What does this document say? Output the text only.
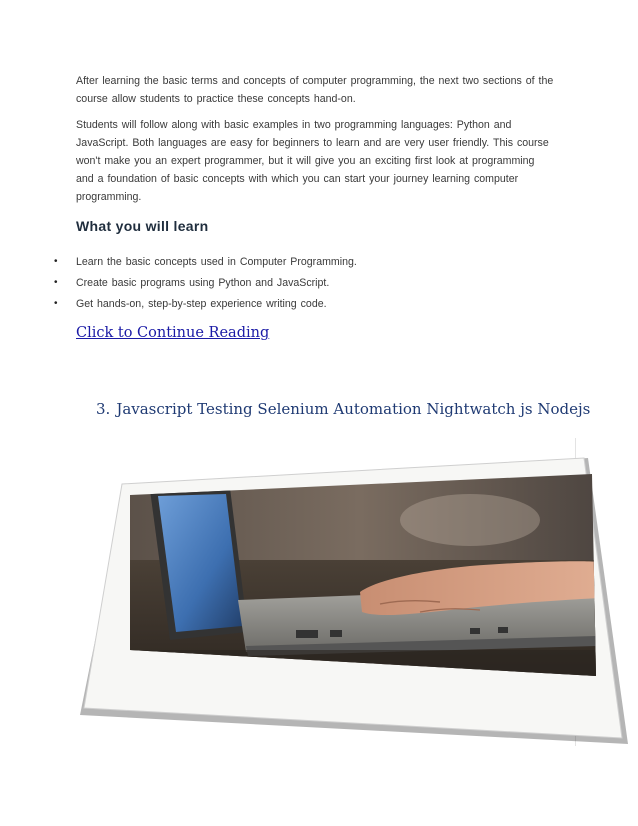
After learning the basic terms and concepts of computer programming, the next two sections of the course allow students to practice these concepts hand-on.

Students will follow along with basic examples in two programming languages: Python and JavaScript. Both languages are easy for beginners to learn and are very user friendly. This course won't make you an expert programmer, but it will give you an exciting first look at programming and a foundation of basic concepts with which you can start your journey learning computer programming.

What you will learn
• Learn the basic concepts used in Computer Programming.
• Create basic programs using Python and JavaScript.
• Get hands-on, step-by-step experience writing code.
Click to Continue Reading

3. Javascript Testing Selenium Automation Nightwatch js Nodejs
